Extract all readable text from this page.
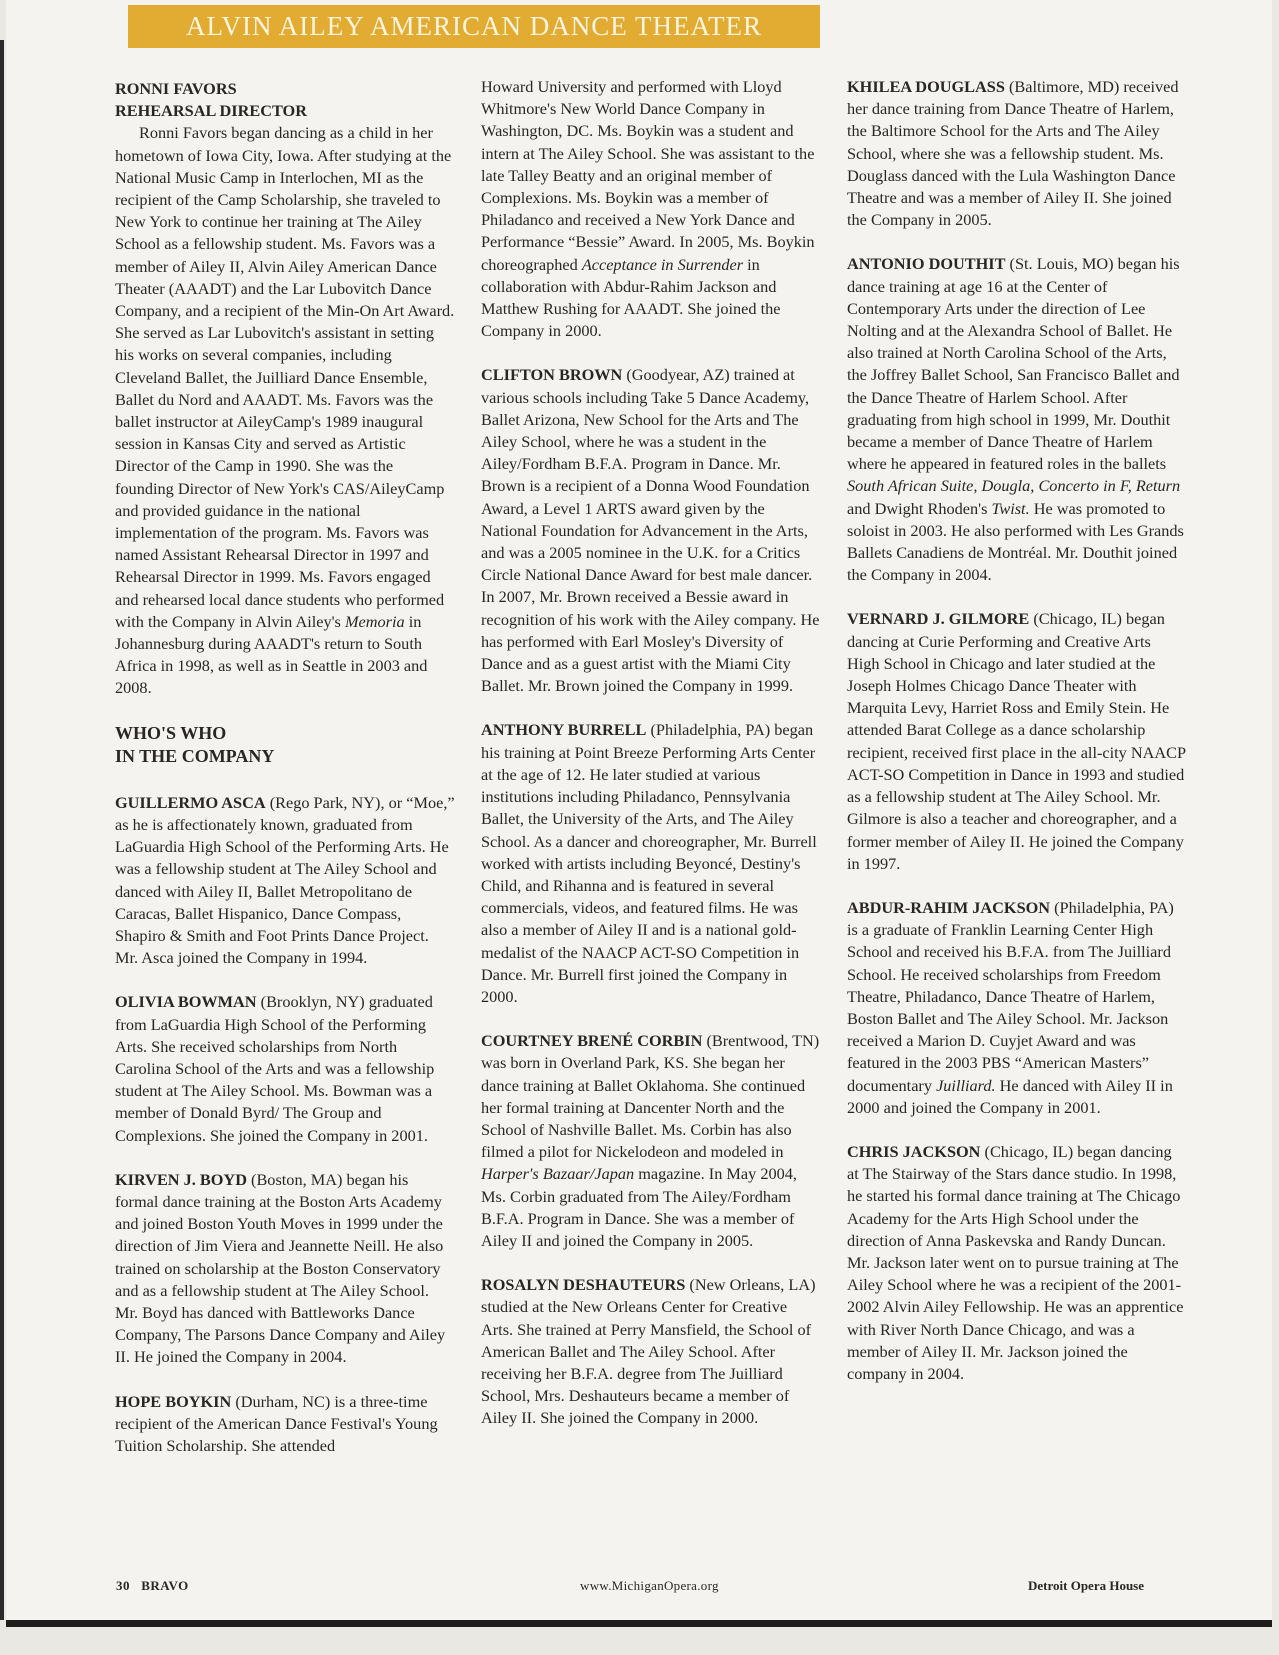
ALVIN AILEY AMERICAN DANCE THEATER

RONNI FAVORS

REHEARSAL DIRECTOR

Ronni Favors began dancing as a child in her hometown of Iowa City, Iowa. After studying at the National Music Camp in Interlochen, MI as the recipient of the Camp Scholarship, she traveled to New York to continue her training at The Ailey School as a fellowship student. Ms. Favors was a member of Ailey II, Alvin Ailey American Dance Theater (AAADT) and the Lar Lubovitch Dance Company, and a recipient of the Min-On Art Award. She served as Lar Lubovitch's assistant in setting his works on several companies, including Cleveland Ballet, the Juilliard Dance Ensemble, Ballet du Nord and AAADT. Ms. Favors was the ballet instructor at AileyCamp's 1989 inaugural session in Kansas City and served as Artistic Director of the Camp in 1990. She was the founding Director of New York's CAS/AileyCamp and provided guidance in the national implementation of the program. Ms. Favors was named Assistant Rehearsal Director in 1997 and Rehearsal Director in 1999. Ms. Favors engaged and rehearsed local dance students who performed with the Company in Alvin Ailey's Memoria in Johannesburg during AAADT's return to South Africa in 1998, as well as in Seattle in 2003 and 2008.

WHO'S WHO
IN THE COMPANY

GUILLERMO ASCA (Rego Park, NY), or “Moe,” as he is affectionately known, graduated from LaGuardia High School of the Performing Arts. He was a fellowship student at The Ailey School and danced with Ailey II, Ballet Metropolitano de Caracas, Ballet Hispanico, Dance Compass, Shapiro & Smith and Foot Prints Dance Project. Mr. Asca joined the Company in 1994.

OLIVIA BOWMAN (Brooklyn, NY) graduated from LaGuardia High School of the Performing Arts. She received scholarships from North Carolina School of the Arts and was a fellowship student at The Ailey School. Ms. Bowman was a member of Donald Byrd/ The Group and Complexions. She joined the Company in 2001.

KIRVEN J. BOYD (Boston, MA) began his formal dance training at the Boston Arts Academy and joined Boston Youth Moves in 1999 under the direction of Jim Viera and Jeannette Neill. He also trained on scholarship at the Boston Conservatory and as a fellowship student at The Ailey School. Mr. Boyd has danced with Battleworks Dance Company, The Parsons Dance Company and Ailey II. He joined the Company in 2004.

HOPE BOYKIN (Durham, NC) is a three-time recipient of the American Dance Festival's Young Tuition Scholarship. She attended

Howard University and performed with Lloyd Whitmore's New World Dance Company in Washington, DC. Ms. Boykin was a student and intern at The Ailey School. She was assistant to the late Talley Beatty and an original member of Complexions. Ms. Boykin was a member of Philadanco and received a New York Dance and Performance “Bessie” Award. In 2005, Ms. Boykin choreographed Acceptance in Surrender in collaboration with Abdur-Rahim Jackson and Matthew Rushing for AAADT. She joined the Company in 2000.

CLIFTON BROWN (Goodyear, AZ) trained at various schools including Take 5 Dance Academy, Ballet Arizona, New School for the Arts and The Ailey School, where he was a student in the Ailey/Fordham B.F.A. Program in Dance. Mr. Brown is a recipient of a Donna Wood Foundation Award, a Level 1 ARTS award given by the National Foundation for Advancement in the Arts, and was a 2005 nominee in the U.K. for a Critics Circle National Dance Award for best male dancer. In 2007, Mr. Brown received a Bessie award in recognition of his work with the Ailey company. He has performed with Earl Mosley's Diversity of Dance and as a guest artist with the Miami City Ballet. Mr. Brown joined the Company in 1999.

ANTHONY BURRELL (Philadelphia, PA) began his training at Point Breeze Performing Arts Center at the age of 12. He later studied at various institutions including Philadanco, Pennsylvania Ballet, the University of the Arts, and The Ailey School. As a dancer and choreographer, Mr. Burrell worked with artists including Beyoncé, Destiny's Child, and Rihanna and is featured in several commercials, videos, and featured films. He was also a member of Ailey II and is a national gold-medalist of the NAACP ACT-SO Competition in Dance. Mr. Burrell first joined the Company in 2000.

COURTNEY BRENÉ CORBIN (Brentwood, TN) was born in Overland Park, KS. She began her dance training at Ballet Oklahoma. She continued her formal training at Dancenter North and the School of Nashville Ballet. Ms. Corbin has also filmed a pilot for Nickelodeon and modeled in Harper's Bazaar/Japan magazine. In May 2004, Ms. Corbin graduated from The Ailey/Fordham B.F.A. Program in Dance. She was a member of Ailey II and joined the Company in 2005.

ROSALYN DESHAUTEURS (New Orleans, LA) studied at the New Orleans Center for Creative Arts. She trained at Perry Mansfield, the School of American Ballet and The Ailey School. After receiving her B.F.A. degree from The Juilliard School, Mrs. Deshauteurs became a member of Ailey II. She joined the Company in 2000.

KHILEA DOUGLASS (Baltimore, MD) received her dance training from Dance Theatre of Harlem, the Baltimore School for the Arts and The Ailey School, where she was a fellowship student. Ms. Douglass danced with the Lula Washington Dance Theatre and was a member of Ailey II. She joined the Company in 2005.

ANTONIO DOUTHIT (St. Louis, MO) began his dance training at age 16 at the Center of Contemporary Arts under the direction of Lee Nolting and at the Alexandra School of Ballet. He also trained at North Carolina School of the Arts, the Joffrey Ballet School, San Francisco Ballet and the Dance Theatre of Harlem School. After graduating from high school in 1999, Mr. Douthit became a member of Dance Theatre of Harlem where he appeared in featured roles in the ballets South African Suite, Dougla, Concerto in F, Return and Dwight Rhoden's Twist. He was promoted to soloist in 2003. He also performed with Les Grands Ballets Canadiens de Montréal. Mr. Douthit joined the Company in 2004.

VERNARD J. GILMORE (Chicago, IL) began dancing at Curie Performing and Creative Arts High School in Chicago and later studied at the Joseph Holmes Chicago Dance Theater with Marquita Levy, Harriet Ross and Emily Stein. He attended Barat College as a dance scholarship recipient, received first place in the all-city NAACP ACT-SO Competition in Dance in 1993 and studied as a fellowship student at The Ailey School. Mr. Gilmore is also a teacher and choreographer, and a former member of Ailey II. He joined the Company in 1997.

ABDUR-RAHIM JACKSON (Philadelphia, PA) is a graduate of Franklin Learning Center High School and received his B.F.A. from The Juilliard School. He received scholarships from Freedom Theatre, Philadanco, Dance Theatre of Harlem, Boston Ballet and The Ailey School. Mr. Jackson received a Marion D. Cuyjet Award and was featured in the 2003 PBS “American Masters” documentary Juilliard. He danced with Ailey II in 2000 and joined the Company in 2001.

CHRIS JACKSON (Chicago, IL) began dancing at The Stairway of the Stars dance studio. In 1998, he started his formal dance training at The Chicago Academy for the Arts High School under the direction of Anna Paskevska and Randy Duncan. Mr. Jackson later went on to pursue training at The Ailey School where he was a recipient of the 2001-2002 Alvin Ailey Fellowship. He was an apprentice with River North Dance Chicago, and was a member of Ailey II. Mr. Jackson joined the company in 2004.

30 BRAVO	www.MichiganOpera.org	Detroit Opera House
